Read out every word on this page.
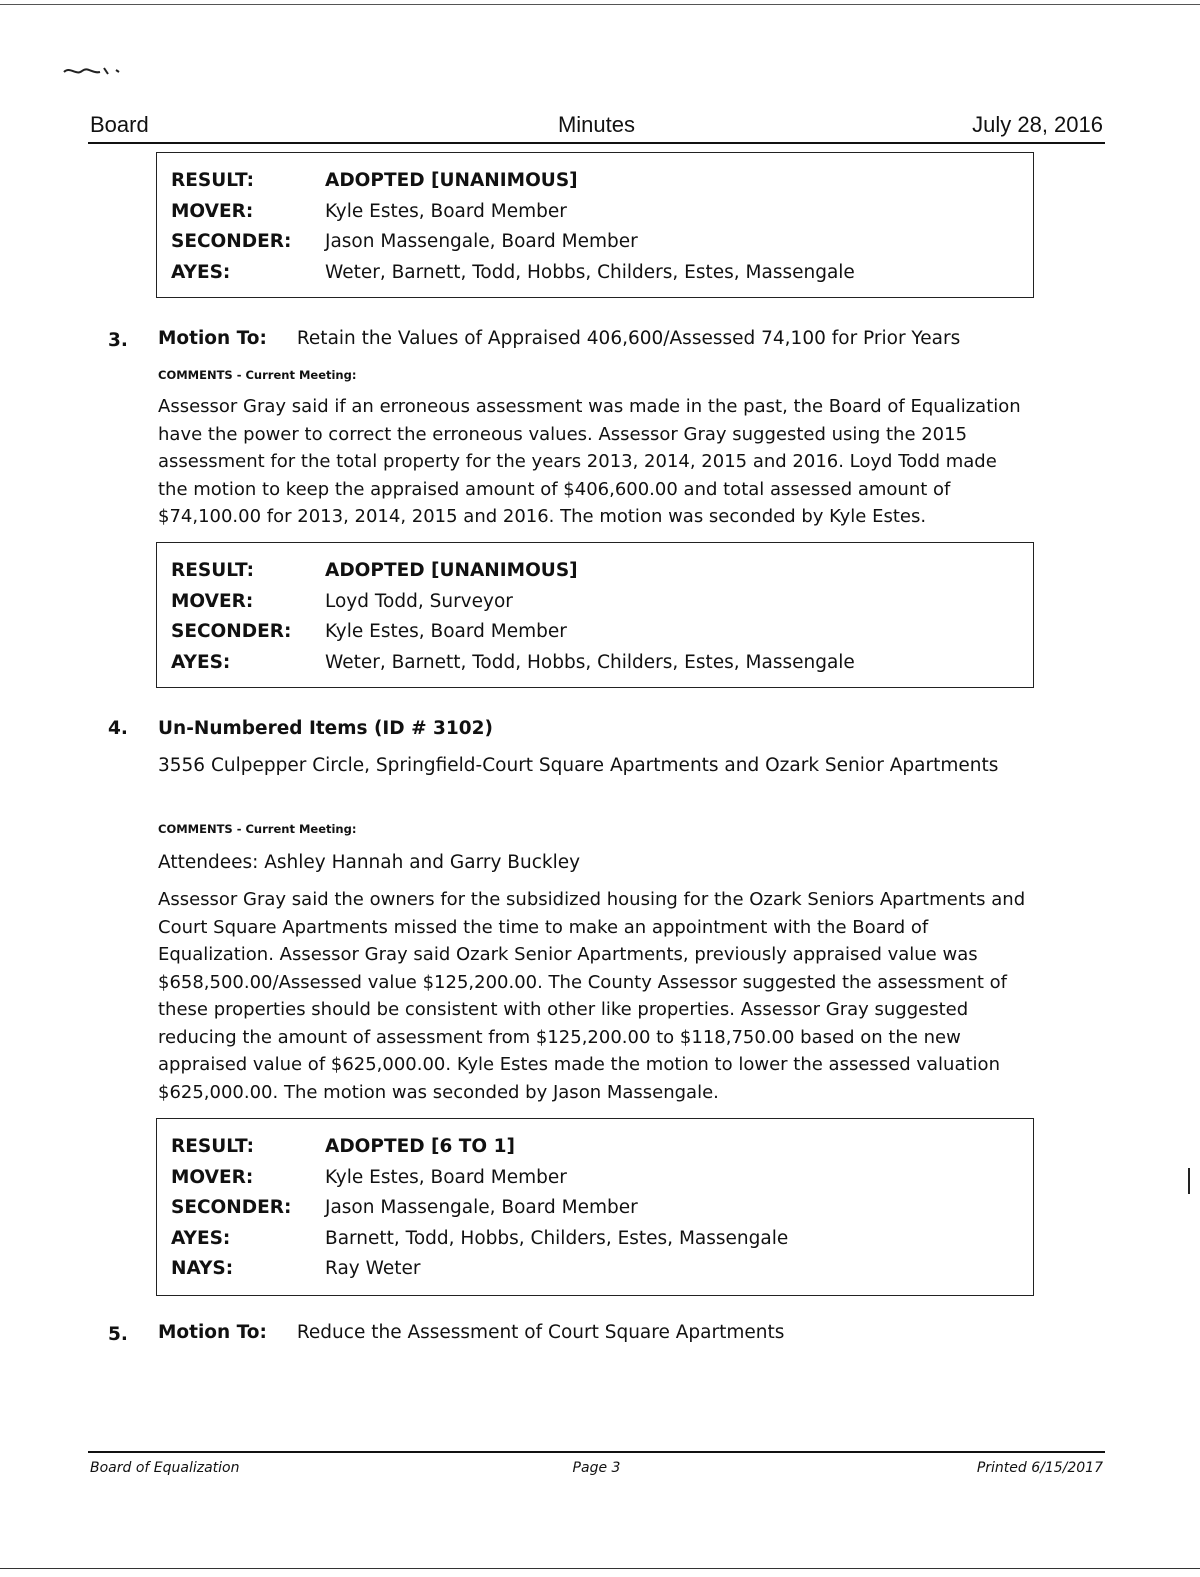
Board	Minutes	July 28, 2016
RESULT:	ADOPTED [UNANIMOUS]
MOVER:	Kyle Estes, Board Member
SECONDER: Jason Massengale, Board Member
AYES:	Weter, Barnett, Todd, Hobbs, Childers, Estes, Massengale
3. Motion To: Retain the Values of Appraised 406,600/Assessed 74,100 for Prior Years
COMMENTS - Current Meeting:
Assessor Gray said if an erroneous assessment was made in the past, the Board of Equalization
have the power to correct the erroneous values. Assessor Gray suggested using the 2015
assessment for the total property for the years 2013, 2014, 2015 and 2016. Loyd Todd made
the motion to keep the appraised amount of $406,600.00 and total assessed amount of
$74,100.00 for 2013, 2014, 2015 and 2016. The motion was seconded by Kyle Estes.
RESULT:	ADOPTED [UNANIMOUS]
MOVER:	Loyd Todd, Surveyor
SECONDER: Kyle Estes, Board Member
AYES:	Weter, Barnett, Todd, Hobbs, Childers, Estes, Massengale
4. Un-Numbered Items (ID # 3102)
3556 Culpepper Circle, Springfield-Court Square Apartments and Ozark Senior Apartments
COMMENTS - Current Meeting:
Attendees: Ashley Hannah and Garry Buckley
Assessor Gray said the owners for the subsidized housing for the Ozark Seniors Apartments and
Court Square Apartments missed the time to make an appointment with the Board of
Equalization. Assessor Gray said Ozark Senior Apartments, previously appraised value was
$658,500.00/Assessed value $125,200.00. The County Assessor suggested the assessment of
these properties should be consistent with other like properties. Assessor Gray suggested
reducing the amount of assessment from $125,200.00 to $118,750.00 based on the new
appraised value of $625,000.00. Kyle Estes made the motion to lower the assessed valuation
$625,000.00. The motion was seconded by Jason Massengale.
RESULT:	ADOPTED [6 TO 1]
MOVER:	Kyle Estes, Board Member
SECONDER: Jason Massengale, Board Member
AYES:	Barnett, Todd, Hobbs, Childers, Estes, Massengale
NAYS:	Ray Weter
5. Motion To: Reduce the Assessment of Court Square Apartments
Board of Equalization	Page 3	Printed 6/15/2017
